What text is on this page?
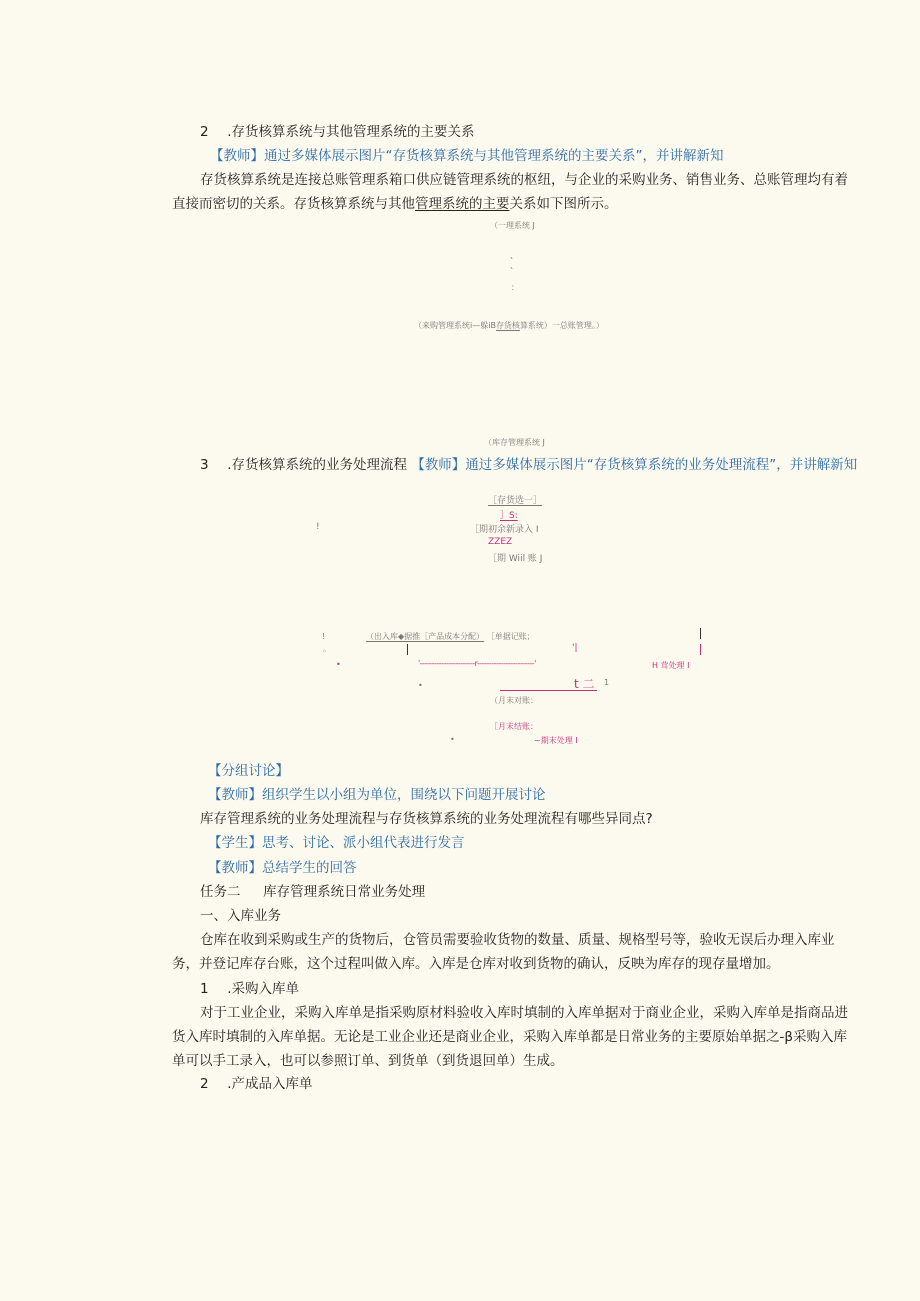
2 .存货核算系统与其他管理系统的主要关系
【教师】通过多媒体展示图片“存货核算系统与其他管理系统的主要关系”，并讲解新知
存货核算系统是连接总账管理系箱口供应链管理系统的枢纽，与企业的采购业务、销售业务、总账管理均有着直接而密切的关系。存货核算系统与其他管理系统的主要关系如下图所示。
（一理系统 J
、
、
：
（来购管理系统i—躲iB存货核算系统）一总账管理。）
（库存管理系统 J
3 .存货核算系统的业务处理流程 【教师】通过多媒体展示图片“存货核算系统的业务处理流程”，并讲解新知
［存货选一］
］S:
!	［期初余新录入 I
ZZEZ
［期 Wiil 账 J
!	（出入库◆据推［产品成本分配） ［单据记账；
◦	'|
•	'-----------------------r------------------------'	H 茸处理 I
•	t 二 1
（月末对账：
［月末结账：
•	~期末处理 I
【分组讨论】
【教师】组织学生以小组为单位，围绕以下问题开展讨论
库存管理系统的业务处理流程与存货核算系统的业务处理流程有哪些异同点?
【学生】思考、讨论、派小组代表进行发言
【教师】总结学生的回答
任务二 库存管理系统日常业务处理
一、入库业务
仓库在收到采购或生产的货物后，仓管员需要验收货物的数量、质量、规格型号等，验收无误后办理入库业务，并登记库存台账，这个过程叫做入库。入库是仓库对收到货物的确认，反映为库存的现存量增加。
1 .采购入库单
对于工业企业，采购入库单是指采购原材料验收入库时填制的入库单据对于商业企业，采购入库单是指商品进货入库时填制的入库单据。无论是工业企业还是商业企业，采购入库单都是日常业务的主要原始单据之-β采购入库单可以手工录入，也可以参照订单、到货单（到货退回单）生成。
2 .产成品入库单
